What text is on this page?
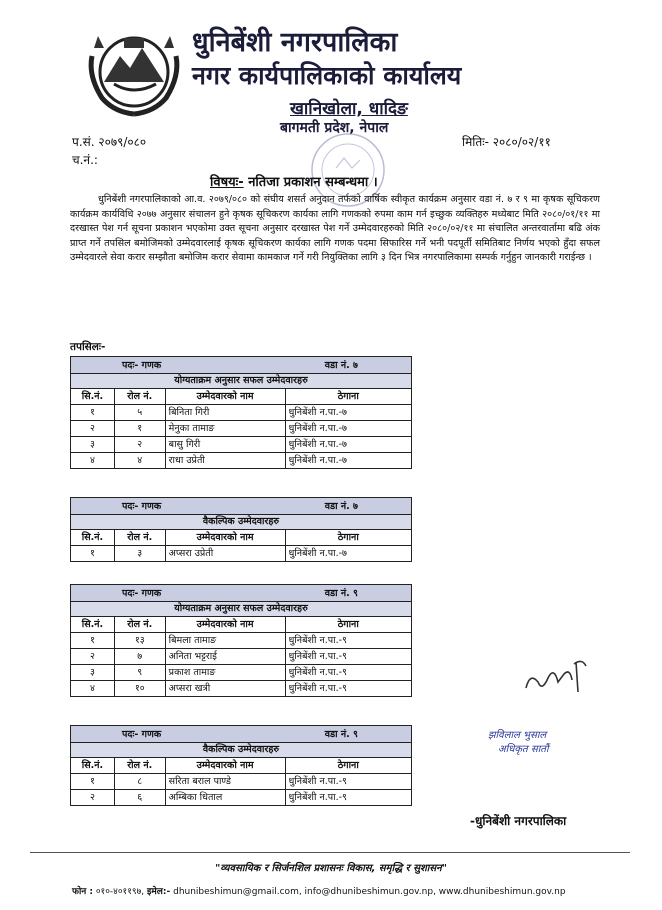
धुनिबेंशी नगरपालिका
नगर कार्यपालिकाको कार्यालय
खानिखोला, धादिङ
बागमती प्रदेश, नेपाल
प.सं. २०७९/०८०
च.नं.:
मितिः- २०८०/०२/११
विषयः- नतिजा प्रकाशन सम्बन्धमा ।
धुनिबेंशी नगरपालिकाको आ.व. २०७९/०८० को संघीय शसर्त अनुदान तर्फको वार्षिक स्वीकृत कार्यक्रम अनुसार वडा नं. ७ र ९ मा कृषक सूचिकरण कार्यक्रम कार्यविधि २०७७ अनुसार संचालन हुने कृषक सूचिकरण कार्यका लागि गणकको रुपमा काम गर्न इच्छुक व्यक्तिहरु मध्येबाट मिति २०८०/०१/११ मा दरखास्त पेश गर्न सूचना प्रकाशन भएकोमा उक्त सूचना अनुसार दरखास्त पेश गर्ने उम्मेदवारहरुको मिति २०८०/०२/११ मा संचालित अन्तरवार्तामा बढि अंक प्राप्त गर्ने तपसिल बमोजिमको उम्मेदवारलाई कृषक सूचिकरण कार्यका लागि गणक पदमा सिफारिस गर्ने भनी पदपूर्ती समितिबाट निर्णय भएको हुँदा सफल उम्मेदवारले सेवा करार सम्झौता बमोजिम करार सेवामा कामकाज गर्ने गरी नियुक्तिका लागि ३ दिन भित्र नगरपालिकामा सम्पर्क गर्नुहुन जानकारी गराईन्छ ।
तपसिलः-
पदः- गणक वडा नं. ७			

योग्यताक्रम अनुसार सफल उम्मेदवारहरु			
सि.नं.	रोल नं.	उम्मेदवारको नाम	ठेगाना
१	५	बिनिता गिरी	धुनिबेंशी न.पा.-७
२	१	मेनुका तामाङ	धुनिबेंशी न.पा.-७
३	२	बासु गिरी	धुनिबेंशी न.पा.-७
४	४	राधा उप्रेती	धुनिबेंशी न.पा.-७
पदः- गणक वडा नं. ७			

वैकल्पिक उम्मेदवारहरु			
सि.नं.	रोल नं.	उम्मेदवारको नाम	ठेगाना
१	३	अप्सरा उप्रेती	धुनिबेंशी न.पा.-७
पदः- गणक वडा नं. ९			

योग्यताक्रम अनुसार सफल उम्मेदवारहरु			
सि.नं.	रोल नं.	उम्मेदवारको नाम	ठेगाना
१	१३	बिमला तामाङ	धुनिबेंशी न.पा.-९
२	७	अनिता भट्टराई	धुनिबेंशी न.पा.-९
३	९	प्रकाश तामाङ	धुनिबेंशी न.पा.-९
४	१०	अप्सरा खत्री	धुनिबेंशी न.पा.-९
पदः- गणक वडा नं. ९			

वैकल्पिक उम्मेदवारहरु			
सि.नं.	रोल नं.	उम्मेदवारको नाम	ठेगाना
१	८	सरिता बराल पाण्डे	धुनिबेंशी न.पा.-९
२	६	अम्बिका धिताल	धुनिबेंशी न.पा.-९
झविलाल भुसाल
अधिकृत सातौं
-धुनिबेंशी नगरपालिका
"व्यवसायिक र सिर्जनशिल प्रशासनः विकास, समृद्धि र सुशासन"
फोन : ०१०-४०११९७, इमेल:- dhunibeshimun@gmail.com, info@dhunibeshimun.gov.np, www.dhunibeshimun.gov.np
